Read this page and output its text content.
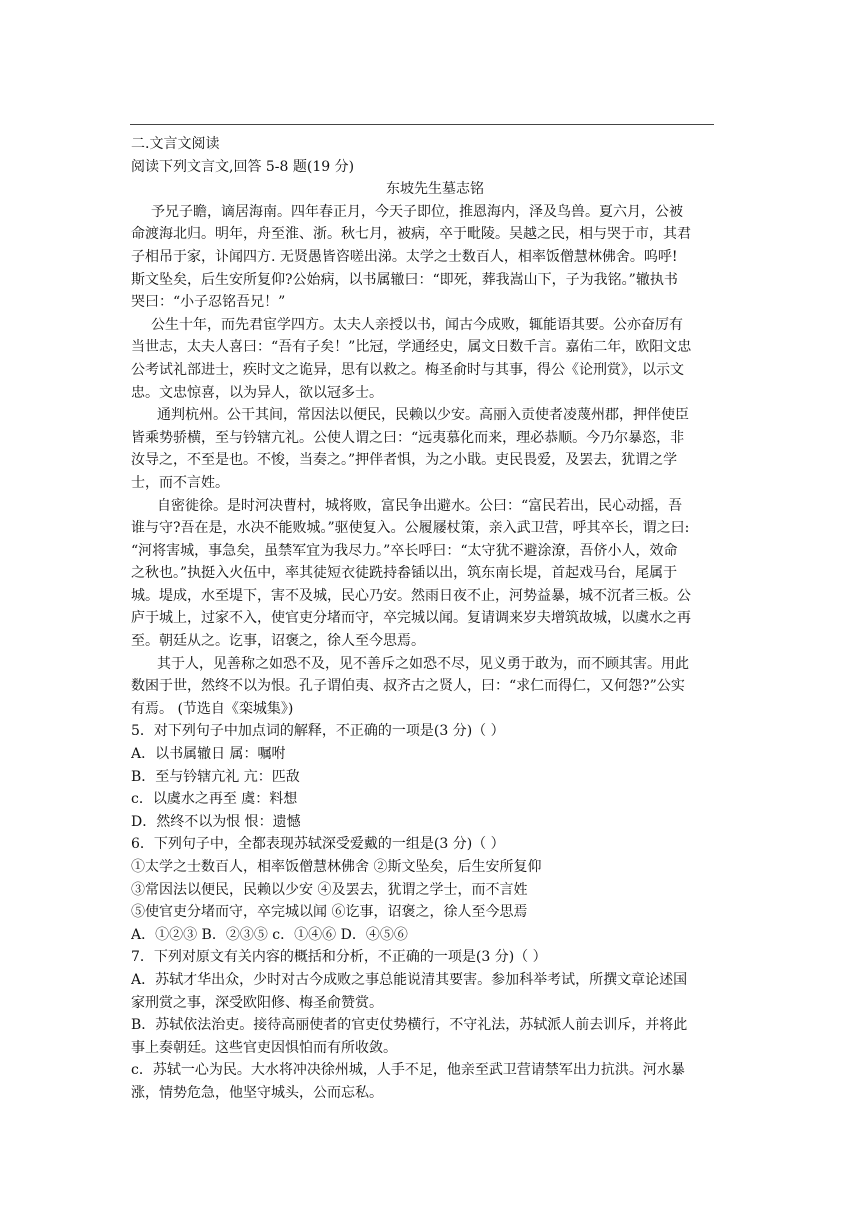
二.文言文阅读
阅读下列文言文,回答 5-8 题(19 分)
东坡先生墓志铭
予兄子瞻，谪居海南。四年春正月，今天子即位，推恩海内，泽及鸟兽。夏六月，公被
命渡海北归。明年，舟至淮、浙。秋七月，被病，卒于毗陵。吴越之民，相与哭于市，其君
子相吊于家，讣闻四方. 无贤愚皆咨嗟出涕。太学之士数百人，相率饭僧慧林佛舍。呜呼!
斯文坠矣，后生安所复仰?公始病，以书属辙曰：“即死，葬我嵩山下，子为我铭。”辙执书
哭曰：“小子忍铭吾兄！”
公生十年，而先君宦学四方。太夫人亲授以书，闻古今成败，辄能语其要。公亦奋厉有
当世志，太夫人喜曰：“吾有子矣！”比冠，学通经史，属文日数千言。嘉佑二年，欧阳文忠
公考试礼部进士，疾时文之诡异，思有以救之。梅圣俞时与其事，得公《论刑赏》，以示文
忠。文忠惊喜，以为异人，欲以冠多士。
通判杭州。公干其间，常因法以便民，民赖以少安。高丽入贡使者凌蔑州郡，押伴使臣
皆乘势骄横，至与钤辖亢礼。公使人谓之曰：“远夷慕化而来，理必恭顺。今乃尔暴恣，非
汝导之，不至是也。不悛，当奏之。”押伴者惧，为之小戢。吏民畏爱，及罢去，犹谓之学
士，而不言姓。
自密徙徐。是时河决曹村，城将败，富民争出避水。公曰：“富民若出，民心动摇，吾
谁与守?吾在是，水决不能败城。”驱使复入。公履屦杖策，亲入武卫营，呼其卒长，谓之曰:
“河将害城，事急矣，虽禁军宜为我尽力。”卒长呼曰：“太守犹不避涂潦，吾侪小人，效命
之秋也。”执挺入火伍中，率其徒短衣徒跣持畚锸以出，筑东南长堤，首起戏马台，尾属于
城。堤成，水至堤下，害不及城，民心乃安。然雨日夜不止，河势益暴，城不沉者三板。公
庐于城上，过家不入，使官吏分堵而守，卒完城以闻。复请调来岁夫增筑故城，以虞水之再
至。朝廷从之。讫事，诏褒之，徐人至今思焉。
其于人，见善称之如恐不及，见不善斥之如恐不尽，见义勇于敢为，而不顾其害。用此
数困于世，然终不以为恨。孔子谓伯夷、叔齐古之贤人，曰：“求仁而得仁，又何怨?”公实
有焉。 (节选自《栾城集》)
5．对下列句子中加点词的解释，不正确的一项是(3 分)（ ）
A．以书属辙日 属：嘱咐
B．至与钤辖亢礼 亢：匹敌
c．以虞水之再至 虞：料想
D．然终不以为恨 恨：遗憾
6．下列句子中，全都表现苏轼深受爱戴的一组是(3 分)（ ）
①太学之士数百人，相率饭僧慧林佛舍 ②斯文坠矣，后生安所复仰
③常因法以便民，民赖以少安 ④及罢去，犹谓之学士，而不言姓
⑤使官吏分堵而守，卒完城以闻 ⑥讫事，诏褒之，徐人至今思焉
A．①②③ B．②③⑤ c．①④⑥ D．④⑤⑥
7．下列对原文有关内容的概括和分析，不正确的一项是(3 分)（ ）
A．苏轼才华出众，少时对古今成败之事总能说清其要害。参加科举考试，所撰文章论述国
家刑赏之事，深受欧阳修、梅圣俞赞赏。
B．苏轼依法治吏。接待高丽使者的官吏仗势横行，不守礼法，苏轼派人前去训斥，并将此
事上奏朝廷。这些官吏因惧怕而有所收敛。
c．苏轼一心为民。大水将冲决徐州城，人手不足，他亲至武卫营请禁军出力抗洪。河水暴
涨，情势危急，他坚守城头，公而忘私。
